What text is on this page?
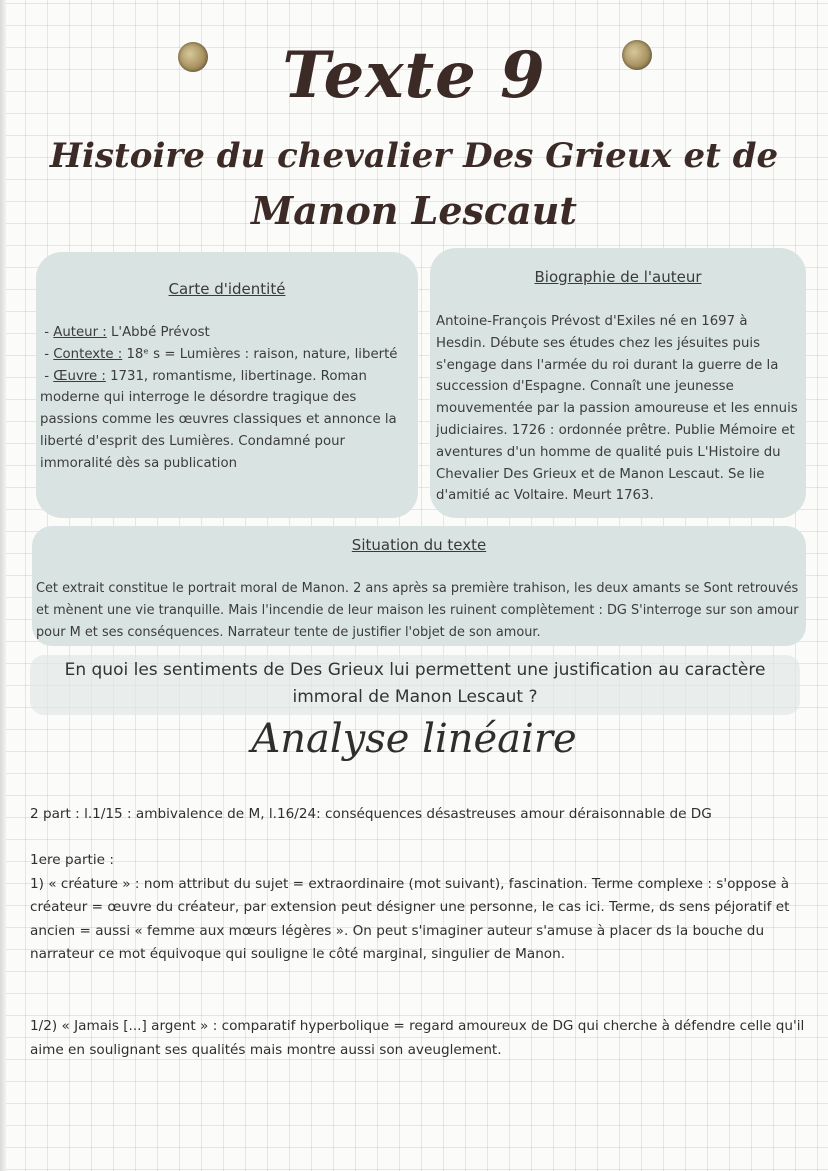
Texte 9
Histoire du chevalier Des Grieux et de
Manon Lescaut
Carte d'identité

- Auteur : L'Abbé Prévost

- Contexte : 18ᵉ s = Lumières : raison, nature, liberté

- Œuvre : 1731, romantisme, libertinage. Roman moderne qui interroge le désordre tragique des passions comme les œuvres classiques et annonce la liberté d'esprit des Lumières. Condamné pour immoralité dès sa publication

Biographie de l'auteur

Antoine-François Prévost d'Exiles né en 1697 à Hesdin. Débute ses études chez les jésuites puis s'engage dans l'armée du roi durant la guerre de la succession d'Espagne. Connaît une jeunesse mouvementée par la passion amoureuse et les ennuis judiciaires. 1726 : ordonnée prêtre. Publie Mémoire et aventures d'un homme de qualité puis L'Histoire du Chevalier Des Grieux et de Manon Lescaut. Se lie d'amitié ac Voltaire. Meurt 1763.

Situation du texte

Cet extrait constitue le portrait moral de Manon. 2 ans après sa première trahison, les deux amants se Sont retrouvés et mènent une vie tranquille. Mais l'incendie de leur maison les ruinent complètement : DG S'interroge sur son amour pour M et ses conséquences. Narrateur tente de justifier l'objet de son amour.

En quoi les sentiments de Des Grieux lui permettent une justification au caractère
immoral de Manon Lescaut ?
Analyse linéaire

2 part : l.1/15 : ambivalence de M, l.16/24: conséquences désastreuses amour déraisonnable de DG

1ere partie :

1) « créature » : nom attribut du sujet = extraordinaire (mot suivant), fascination. Terme complexe : s'oppose à créateur = œuvre du créateur, par extension peut désigner une personne, le cas ici. Terme, ds sens péjoratif et ancien = aussi « femme aux mœurs légères ». On peut s'imaginer auteur s'amuse à placer ds la bouche du narrateur ce mot équivoque qui souligne le côté marginal, singulier de Manon.

1/2) « Jamais [...] argent » : comparatif hyperbolique = regard amoureux de DG qui cherche à défendre celle qu'il aime en soulignant ses qualités mais montre aussi son aveuglement.
